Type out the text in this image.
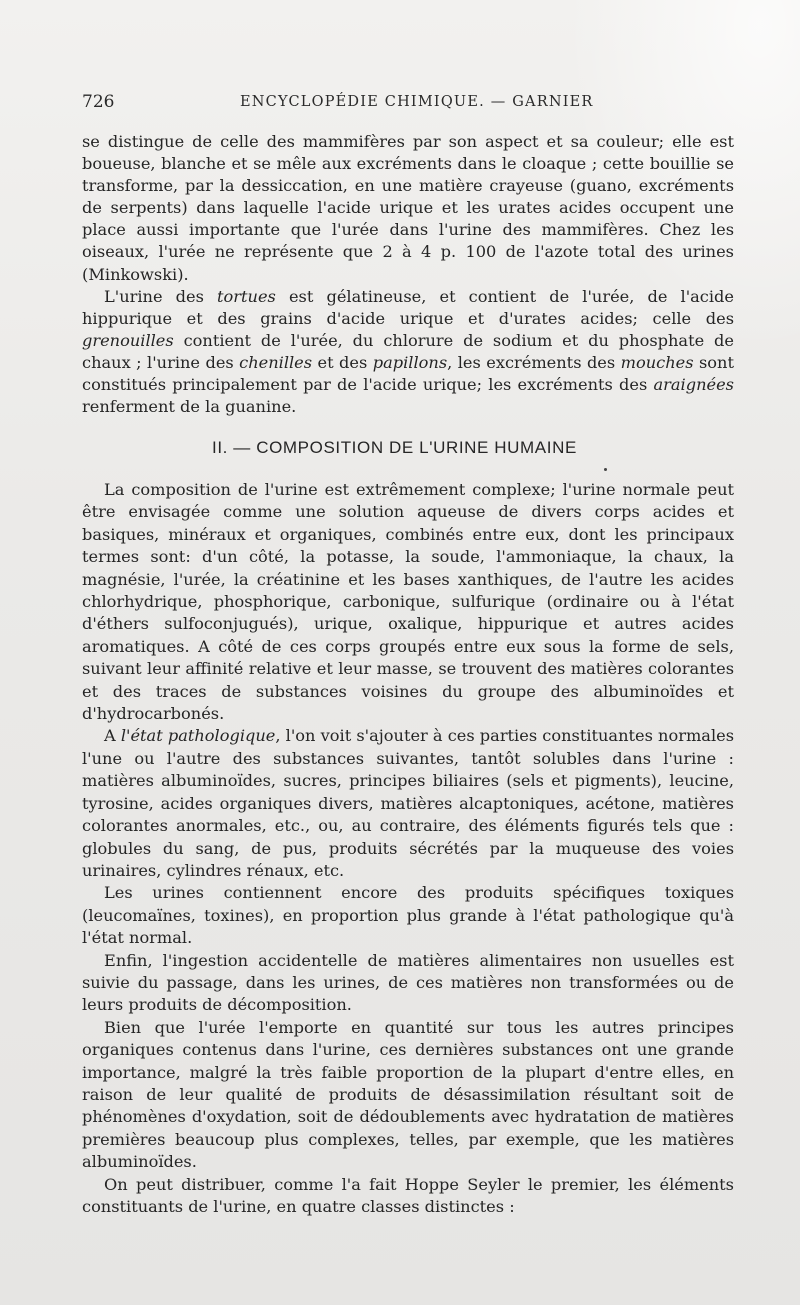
726	ENCYCLOPÉDIE CHIMIQUE. — GARNIER

se distingue de celle des mammifères par son aspect et sa couleur; elle est boueuse, blanche et se mêle aux excréments dans le cloaque ; cette bouillie se transforme, par la dessiccation, en une matière crayeuse (guano, excréments de serpents) dans laquelle l'acide urique et les urates acides occupent une place aussi importante que l'urée dans l'urine des mammifères. Chez les oiseaux, l'urée ne représente que 2 à 4 p. 100 de l'azote total des urines (Minkowski).

L'urine des tortues est gélatineuse, et contient de l'urée, de l'acide hippurique et des grains d'acide urique et d'urates acides; celle des grenouilles contient de l'urée, du chlorure de sodium et du phosphate de chaux ; l'urine des chenilles et des papillons, les excréments des mouches sont constitués principalement par de l'acide urique; les excréments des araignées renferment de la guanine.

II. — COMPOSITION DE L'URINE HUMAINE

La composition de l'urine est extrêmement complexe; l'urine normale peut être envisagée comme une solution aqueuse de divers corps acides et basiques, minéraux et organiques, combinés entre eux, dont les principaux termes sont: d'un côté, la potasse, la soude, l'ammoniaque, la chaux, la magnésie, l'urée, la créatinine et les bases xanthiques, de l'autre les acides chlorhydrique, phosphorique, carbonique, sulfurique (ordinaire ou à l'état d'éthers sulfoconjugués), urique, oxalique, hippurique et autres acides aromatiques. A côté de ces corps groupés entre eux sous la forme de sels, suivant leur affinité relative et leur masse, se trouvent des matières colorantes et des traces de substances voisines du groupe des albuminoïdes et d'hydrocarbonés.

A l'état pathologique, l'on voit s'ajouter à ces parties constituantes normales l'une ou l'autre des substances suivantes, tantôt solubles dans l'urine : matières albuminoïdes, sucres, principes biliaires (sels et pigments), leucine, tyrosine, acides organiques divers, matières alcaptoniques, acétone, matières colorantes anormales, etc., ou, au contraire, des éléments figurés tels que : globules du sang, de pus, produits sécrétés par la muqueuse des voies urinaires, cylindres rénaux, etc.

Les urines contiennent encore des produits spécifiques toxiques (leucomaïnes, toxines), en proportion plus grande à l'état pathologique qu'à l'état normal.

Enfin, l'ingestion accidentelle de matières alimentaires non usuelles est suivie du passage, dans les urines, de ces matières non transformées ou de leurs produits de décomposition.

Bien que l'urée l'emporte en quantité sur tous les autres principes organiques contenus dans l'urine, ces dernières substances ont une grande importance, malgré la très faible proportion de la plupart d'entre elles, en raison de leur qualité de produits de désassimilation résultant soit de phénomènes d'oxydation, soit de dédoublements avec hydratation de matières premières beaucoup plus complexes, telles, par exemple, que les matières albuminoïdes.

On peut distribuer, comme l'a fait Hoppe Seyler le premier, les éléments constituants de l'urine, en quatre classes distinctes :
